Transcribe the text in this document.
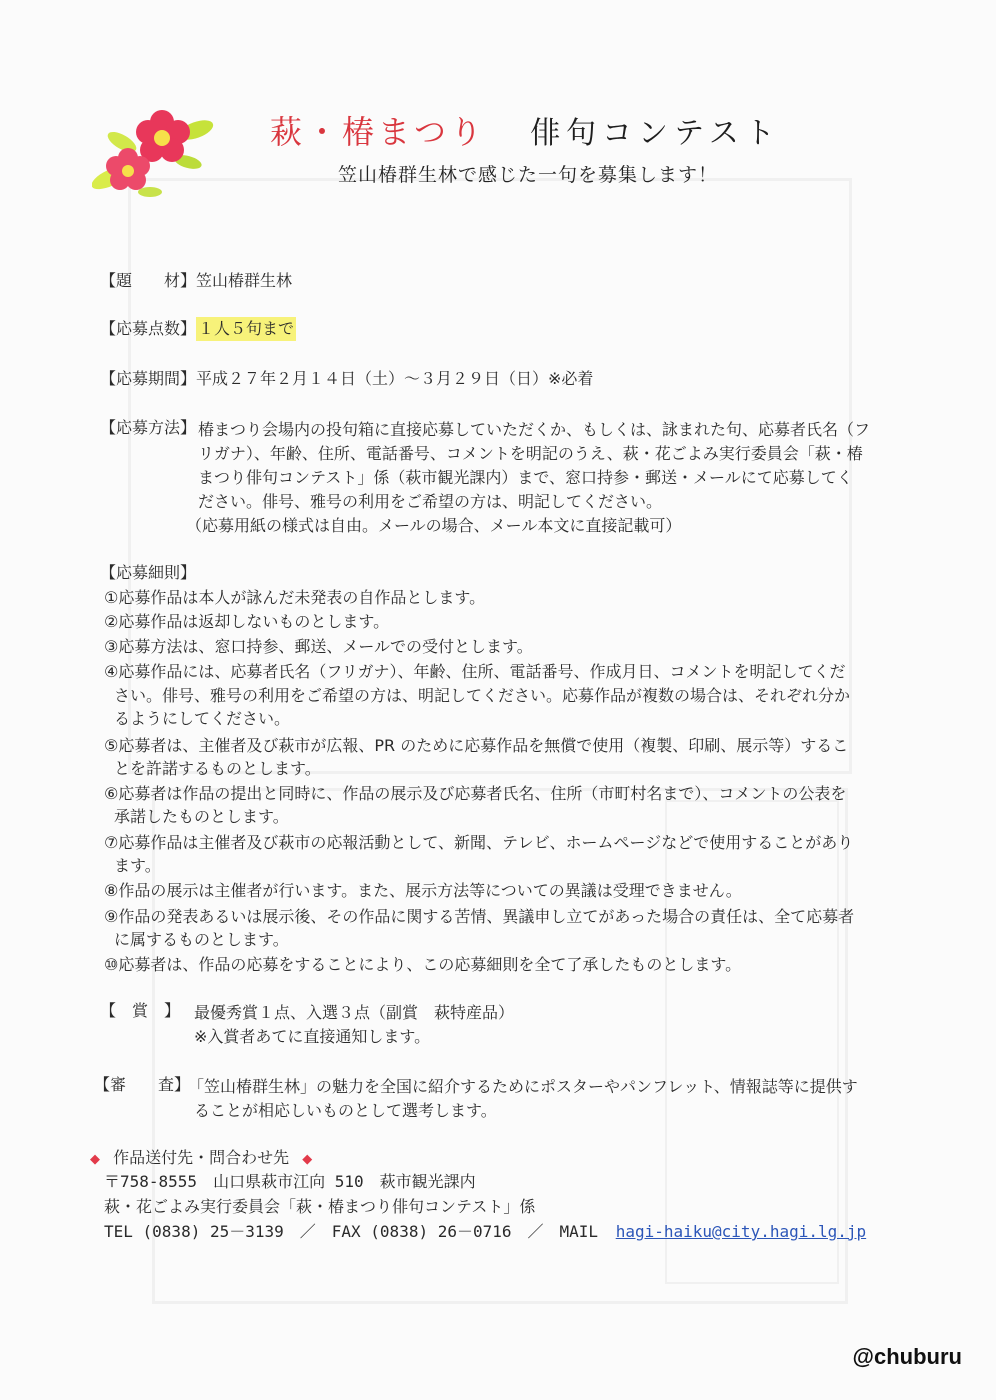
萩・椿まつり 俳句コンテスト
笠山椿群生林で感じた一句を募集します！
【題　　材】笠山椿群生林
【応募点数】 １人５句まで
【応募期間】平成２７年２月１４日（土）～３月２９日（日）※必着
【応募方法】 椿まつり会場内の投句箱に直接応募していただくか、もしくは、詠まれた句、応募者氏名（フ
リガナ）、年齢、住所、電話番号、コメントを明記のうえ、萩・花ごよみ実行委員会「萩・椿
まつり俳句コンテスト」係（萩市観光課内）まで、窓口持参・郵送・メールにて応募してく
ださい。俳号、雅号の利用をご希望の方は、明記してください。
（応募用紙の様式は自由。メールの場合、メール本文に直接記載可）
【応募細則】
①応募作品は本人が詠んだ未発表の自作品とします。
②応募作品は返却しないものとします。
③応募方法は、窓口持参、郵送、メールでの受付とします。
④応募作品には、応募者氏名（フリガナ）、年齢、住所、電話番号、作成月日、コメントを明記してくだ
さい。俳号、雅号の利用をご希望の方は、明記してください。応募作品が複数の場合は、それぞれ分か
るようにしてください。
⑤応募者は、主催者及び萩市が広報、PR のために応募作品を無償で使用（複製、印刷、展示等）するこ
とを許諾するものとします。
⑥応募者は作品の提出と同時に、作品の展示及び応募者氏名、住所（市町村名まで）、コメントの公表を
承諾したものとします。
⑦応募作品は主催者及び萩市の応報活動として、新聞、テレビ、ホームページなどで使用することがあり
ます。
⑧作品の展示は主催者が行います。また、展示方法等についての異議は受理できません。
⑨作品の発表あるいは展示後、その作品に関する苦情、異議申し立てがあった場合の責任は、全て応募者
に属するものとします。
⑩応募者は、作品の応募をすることにより、この応募細則を全て了承したものとします。
【　賞　】 最優秀賞１点、入選３点（副賞　萩特産品）
※入賞者あてに直接通知します。
【審　　査】
「笠山椿群生林」の魅力を全国に紹介するためにポスターやパンフレット、情報誌等に提供す
ることが相応しいものとして選考します。
◆ 作品送付先・問合わせ先 ◆
〒758-8555　山口県萩市江向 510　萩市観光課内
萩・花ごよみ実行委員会「萩・椿まつり俳句コンテスト」係
TEL (0838) 25－3139　／　FAX (0838) 26－0716　／　MAIL hagi-haiku@city.hagi.lg.jp
@chuburu
